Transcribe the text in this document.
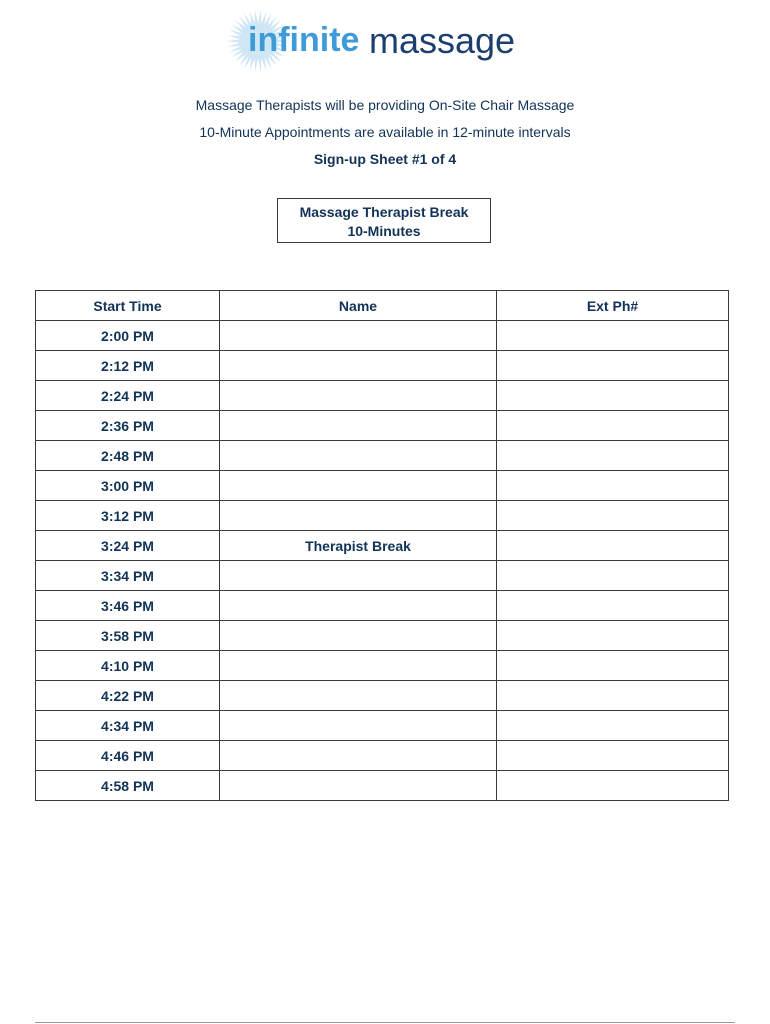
infinite massage
Massage Therapists will be providing On-Site Chair Massage
10-Minute Appointments are available in 12-minute intervals
Sign-up Sheet #1 of 4
Massage Therapist Break
10-Minutes
Start Time	Name	Ext Ph#
2:00 PM		
2:12 PM		
2:24 PM		
2:36 PM		
2:48 PM		
3:00 PM		
3:12 PM		
3:24 PM	Therapist Break	
3:34 PM		
3:46 PM		
3:58 PM		
4:10 PM		
4:22 PM		
4:34 PM		
4:46 PM		
4:58 PM		
